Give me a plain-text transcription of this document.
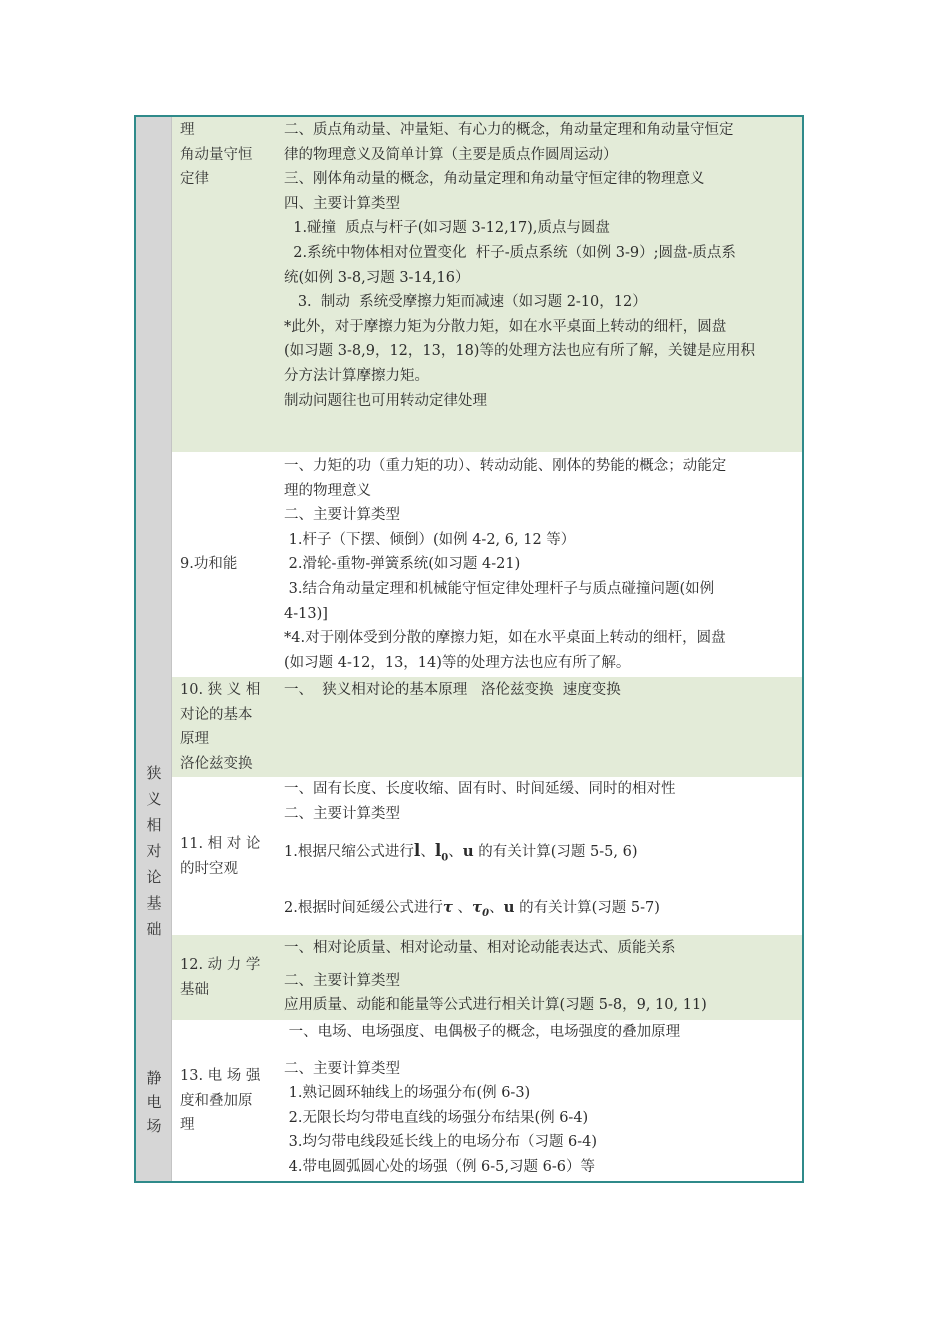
狭
义
相
对
论
基
础
静
电
场
理
角动量守恒
定律
二、质点角动量、冲量矩、有心力的概念，角动量定理和角动量守恒定
律的物理意义及简单计算（主要是质点作圆周运动）
三、刚体角动量的概念，角动量定理和角动量守恒定律的物理意义
四、主要计算类型
1.碰撞  质点与杆子(如习题 3-12,17),质点与圆盘
2.系统中物体相对位置变化  杆子-质点系统（如例 3-9）;圆盘-质点系
统(如例 3-8,习题 3-14,16）
3.  制动  系统受摩擦力矩而减速（如习题 2-10，12）
*此外，对于摩擦力矩为分散力矩，如在水平桌面上转动的细杆，圆盘
(如习题 3-8,9，12，13，18)等的处理方法也应有所了解，关键是应用积
分方法计算摩擦力矩。
制动问题往也可用转动定律处理
9.功和能
一、力矩的功（重力矩的功）、转动动能、刚体的势能的概念；动能定
理的物理意义
二、主要计算类型
1.杆子（下摆、倾倒）(如例 4-2, 6, 12 等）
2.滑轮-重物-弹簧系统(如习题 4-21)
3.结合角动量定理和机械能守恒定律处理杆子与质点碰撞问题(如例
4-13)]
*4.对于刚体受到分散的摩擦力矩，如在水平桌面上转动的细杆，圆盘
(如习题 4-12，13，14)等的处理方法也应有所了解。
10. 狭 义 相
对论的基本
原理
洛伦兹变换
一、  狭义相对论的基本原理   洛伦兹变换  速度变换
11. 相 对 论
的时空观
一、固有长度、长度收缩、固有时、时间延缓、同时的相对性
二、主要计算类型
1.根据尺缩公式进行l、$l_0$、u 的有关计算(习题 5-5, 6)
2.根据时间延缓公式进行τ 、$\tau_0$、u 的有关计算(习题 5-7)
12. 动 力 学
基础
一、相对论质量、相对论动量、相对论动能表达式、质能关系
二、主要计算类型
应用质量、动能和能量等公式进行相关计算(习题 5-8，9, 10, 11)
13. 电 场 强
度和叠加原
理
一、电场、电场强度、电偶极子的概念，电场强度的叠加原理
二、主要计算类型
1.熟记圆环轴线上的场强分布(例 6-3)
2.无限长均匀带电直线的场强分布结果(例 6-4)
3.均匀带电线段延长线上的电场分布（习题 6-4)
4.带电圆弧圆心处的场强（例 6-5,习题 6-6）等
